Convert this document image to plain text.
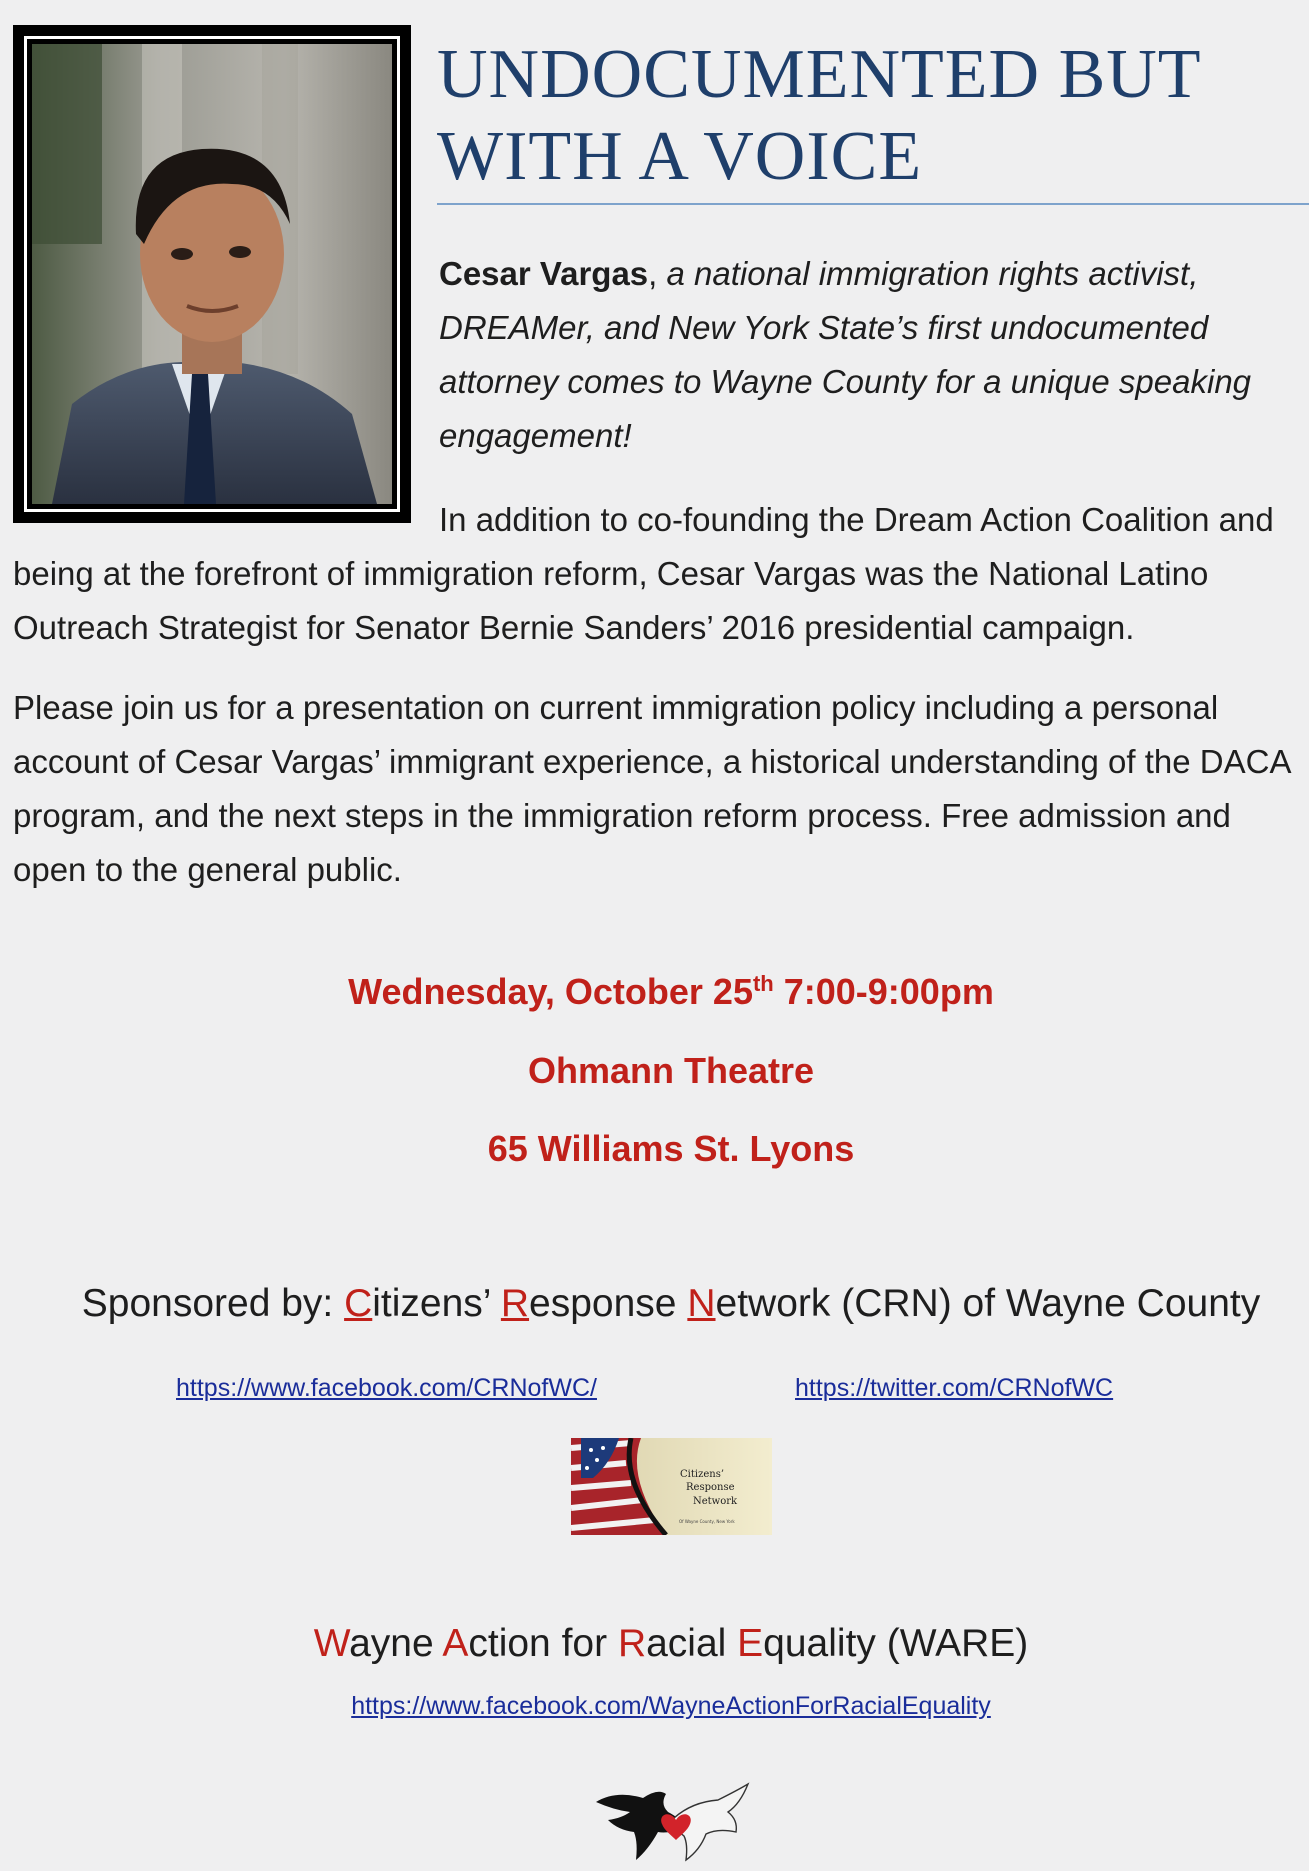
UNDOCUMENTED BUT
WITH A VOICE

Cesar Vargas, a national immigration rights activist, DREAMer, and New York State’s first undocumented attorney comes to Wayne County for a unique speaking engagement!

In addition to co-founding the Dream Action Coalition and being at the forefront of immigration reform, Cesar Vargas was the National Latino Outreach Strategist for Senator Bernie Sanders’ 2016 presidential campaign.

Please join us for a presentation on current immigration policy including a personal account of Cesar Vargas’ immigrant experience, a historical understanding of the DACA program, and the next steps in the immigration reform process. Free admission and open to the general public.

Wednesday, October 25th 7:00-9:00pm

Ohmann Theatre

65 Williams St. Lyons

Sponsored by: Citizens’ Response Network (CRN) of Wayne County

https://www.facebook.com/CRNofWC/	https://twitter.com/CRNofWC
Citizens’
Response
Network
Of Wayne County, New York

Wayne Action for Racial Equality (WARE)

https://www.facebook.com/WayneActionForRacialEquality
